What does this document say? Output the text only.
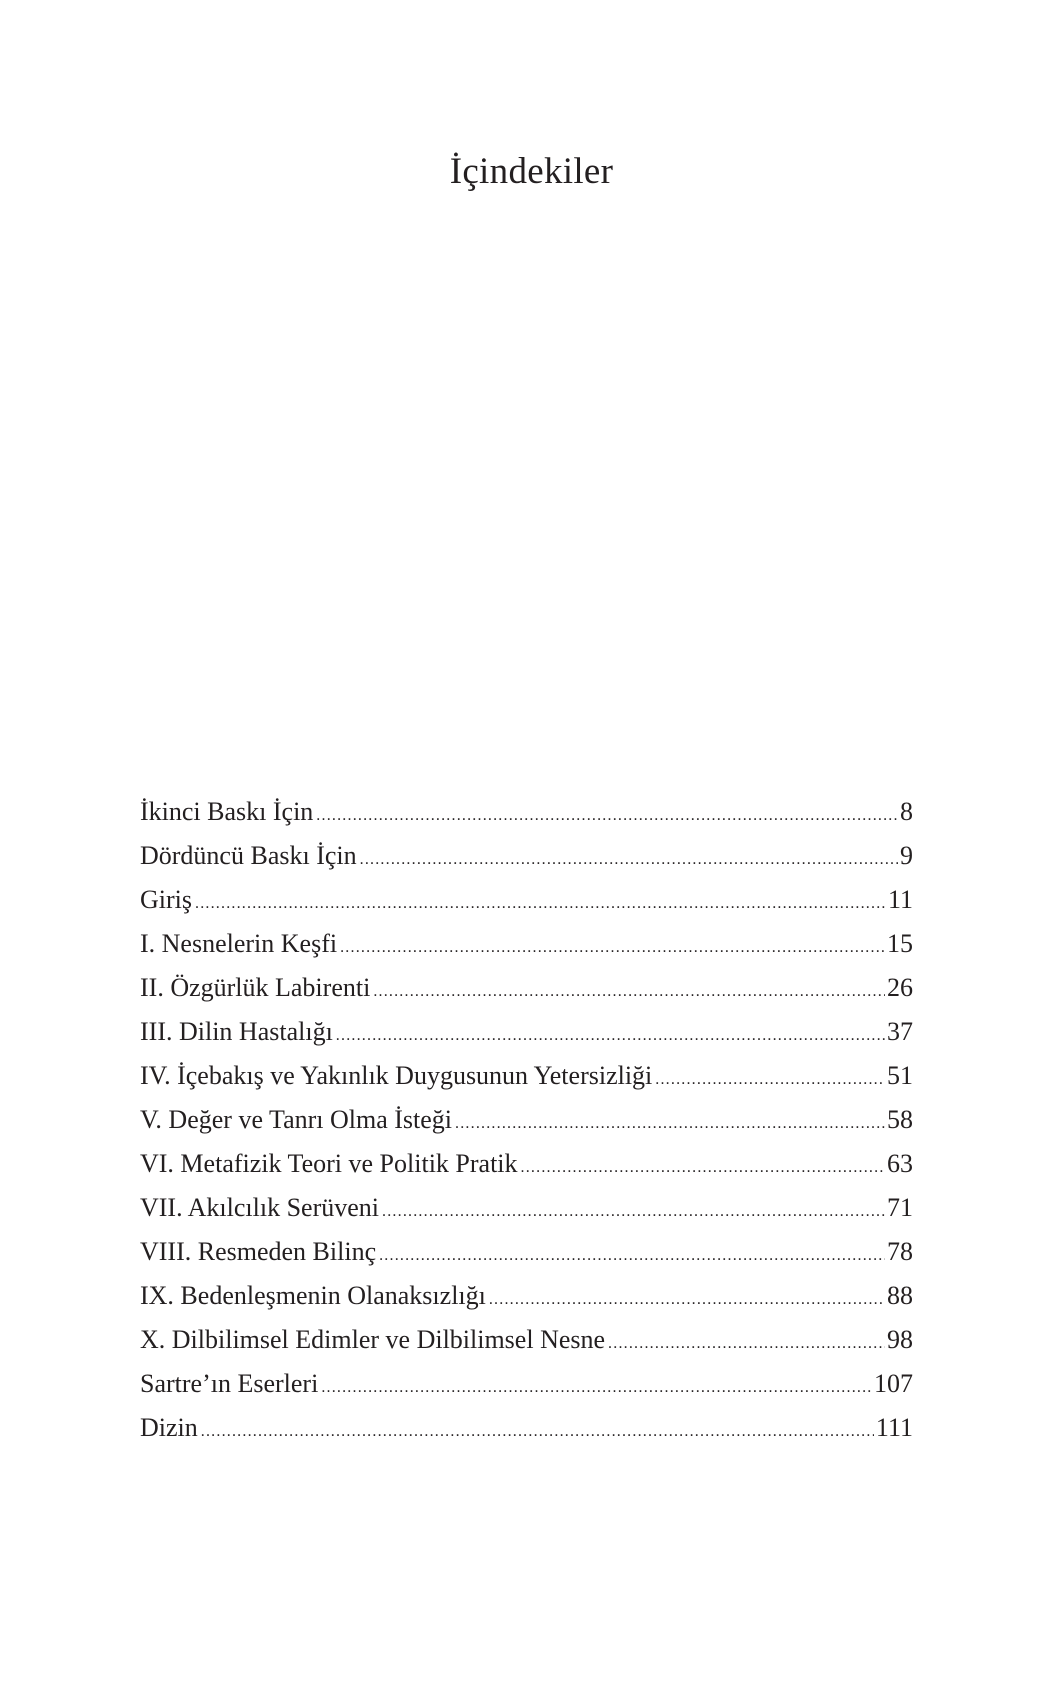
İçindekiler
İkinci Baskı İçin .....	8
Dördüncü Baskı İçin .....	9
Giriş .....	11
I. Nesnelerin Keşfi .....	15
II. Özgürlük Labirenti .....	26
III. Dilin Hastalığı .....	37
IV. İçebakış ve Yakınlık Duygusunun Yetersizliği .....	51
V. Değer ve Tanrı Olma İsteği .....	58
VI. Metafizik Teori ve Politik Pratik .....	63
VII. Akılcılık Serüveni .....	71
VIII. Resmeden Bilinç .....	78
IX. Bedenleşmenin Olanaksızlığı .....	88
X. Dilbilimsel Edimler ve Dilbilimsel Nesne .....	98
Sartre’ın Eserleri .....	107
Dizin .....	111
